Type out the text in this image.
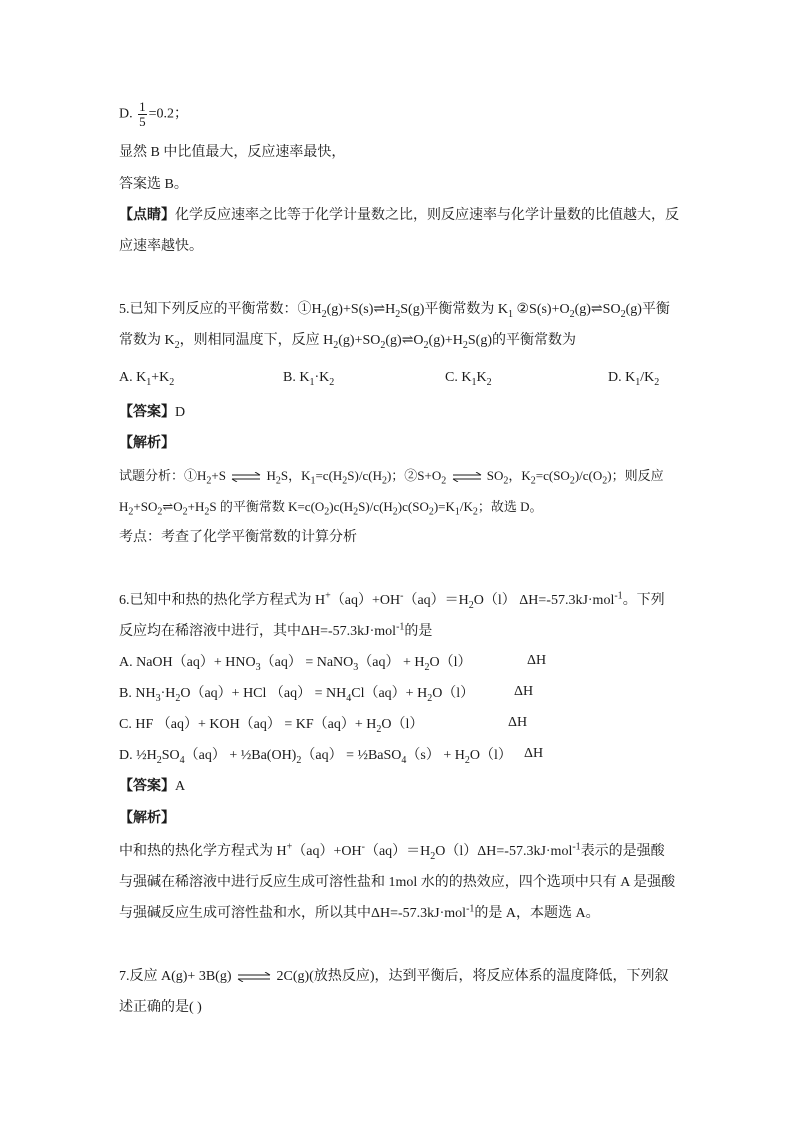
D. $\frac{1}{5} =0.2$；
显然 B 中比值最大，反应速率最快，
答案选 B。
【点睛】化学反应速率之比等于化学计量数之比，则反应速率与化学计量数的比值越大，反
应速率越快。
5.已知下列反应的平衡常数：$①H_2(g)+S(s)\rightleftharpoons H_2S(g)$平衡常数为 $K_1$ $②S(s)+O_2(g)\rightleftharpoons SO_2(g)$平衡
常数为 $K_2$，则相同温度下，反应 $H_2(g)+SO_2(g)\rightleftharpoons O_2(g)+H_2S(g)$的平衡常数为
A. $K_1+K_2$	B. $K_1\cdot K_2$	C. $K_1K_2$	D. $K_1/K_2$
【答案】D
【解析】
试题分析：$①H_2+S$ ⇌ $H_2S$，$K_1=c(H_2S)/c(H_2)$；$②S+O_2$ ⇌ $SO_2$，$K_2=c(SO_2)/c(O_2)$；则反应
$H_2+SO_2\rightleftharpoons O_2+H_2S$ 的平衡常数 $K=c(O_2)c(H_2S)/c(H_2)c(SO_2)=K_1/K_2$；故选 D。
考点：考查了化学平衡常数的计算分析
6.已知中和热的热化学方程式为 $H^+(aq)+OH^-(aq)=H_2O(l)$ ΔH=-57.3kJ·mol$^{-1}$。下列
反应均在稀溶液中进行，其中ΔH=-57.3kJ·mol$^{-1}$的是
A. NaOH（aq）+ $HNO_3(aq)$ = NaNO$_3$（aq） + $H_2O(l)$	ΔH
B. $NH_3\cdot H_2O(aq)+$ HCl $(aq) = NH_4Cl(aq)+ H_2O(l)$	ΔH
C. HF $(aq)+ KOH(aq) = KF(aq)+ H_2O(l)$	ΔH
D. $\frac{1}{2}H_2SO_4(aq)$ + $\frac{1}{2}Ba(OH)_2(aq)$ = ½BaSO$_4$（s） + $H_2O(l)$ ΔH
【答案】A
【解析】
中和热的热化学方程式为 $H^+(aq)+OH^-(aq)=H_2O(l)\Delta H=-57.3kJ\cdot mol^{-1}$表示的是强酸
与强碱在稀溶液中进行反应生成可溶性盐和 1mol 水的的热效应，四个选项中只有 A 是强酸
与强碱反应生成可溶性盐和水，所以其中ΔH=-57.3kJ·mol$^{-1}$的是 A，本题选 A。
7.反应 A(g)+ 3B(g) ⇌ 2C(g)(放热反应)，达到平衡后，将反应体系的温度降低，下列叙
述正确的是( )
